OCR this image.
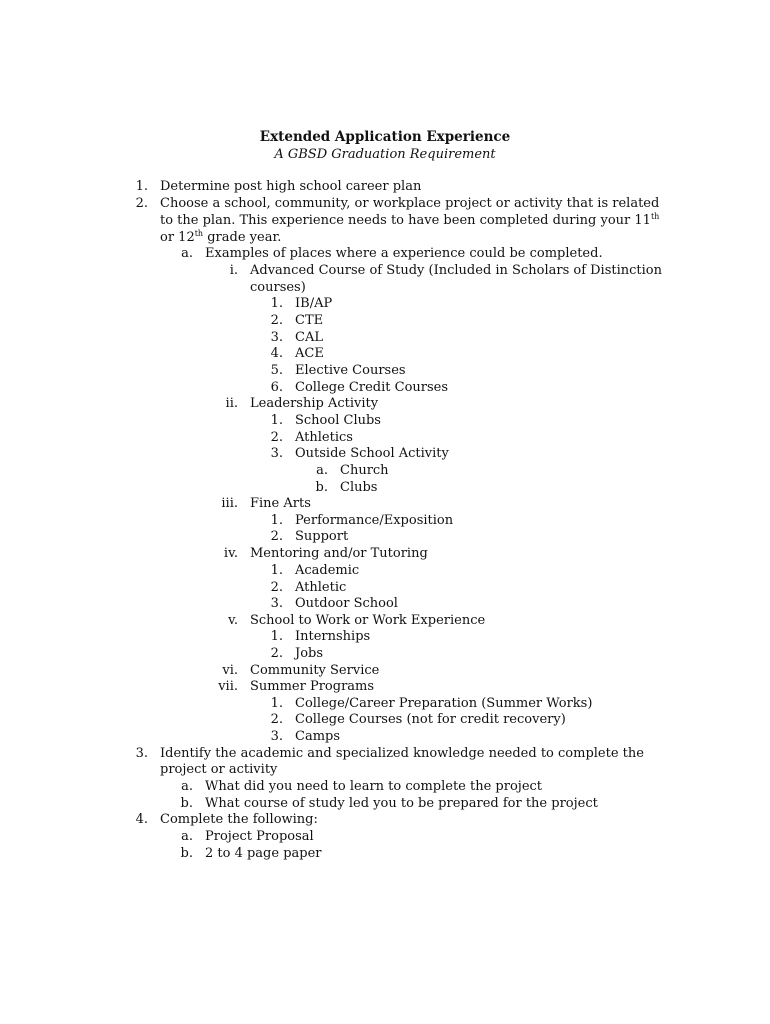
Extended Application Experience
A GBSD Graduation Requirement
1. Determine post high school career plan
2. Choose a school, community, or workplace project or activity that is related
to the plan. This experience needs to have been completed during your 11th
or 12th grade year.
a. Examples of places where a experience could be completed.
i. Advanced Course of Study (Included in Scholars of Distinction
courses)
1. IB/AP
2. CTE
3. CAL
4. ACE
5. Elective Courses
6. College Credit Courses
ii. Leadership Activity
1. School Clubs
2. Athletics
3. Outside School Activity
a. Church
b. Clubs
iii. Fine Arts
1. Performance/Exposition
2. Support
iv. Mentoring and/or Tutoring
1. Academic
2. Athletic
3. Outdoor School
v. School to Work or Work Experience
1. Internships
2. Jobs
vi. Community Service
vii. Summer Programs
1. College/Career Preparation (Summer Works)
2. College Courses (not for credit recovery)
3. Camps
3. Identify the academic and specialized knowledge needed to complete the
project or activity
a. What did you need to learn to complete the project
b. What course of study led you to be prepared for the project
4. Complete the following:
a. Project Proposal
b. 2 to 4 page paper
